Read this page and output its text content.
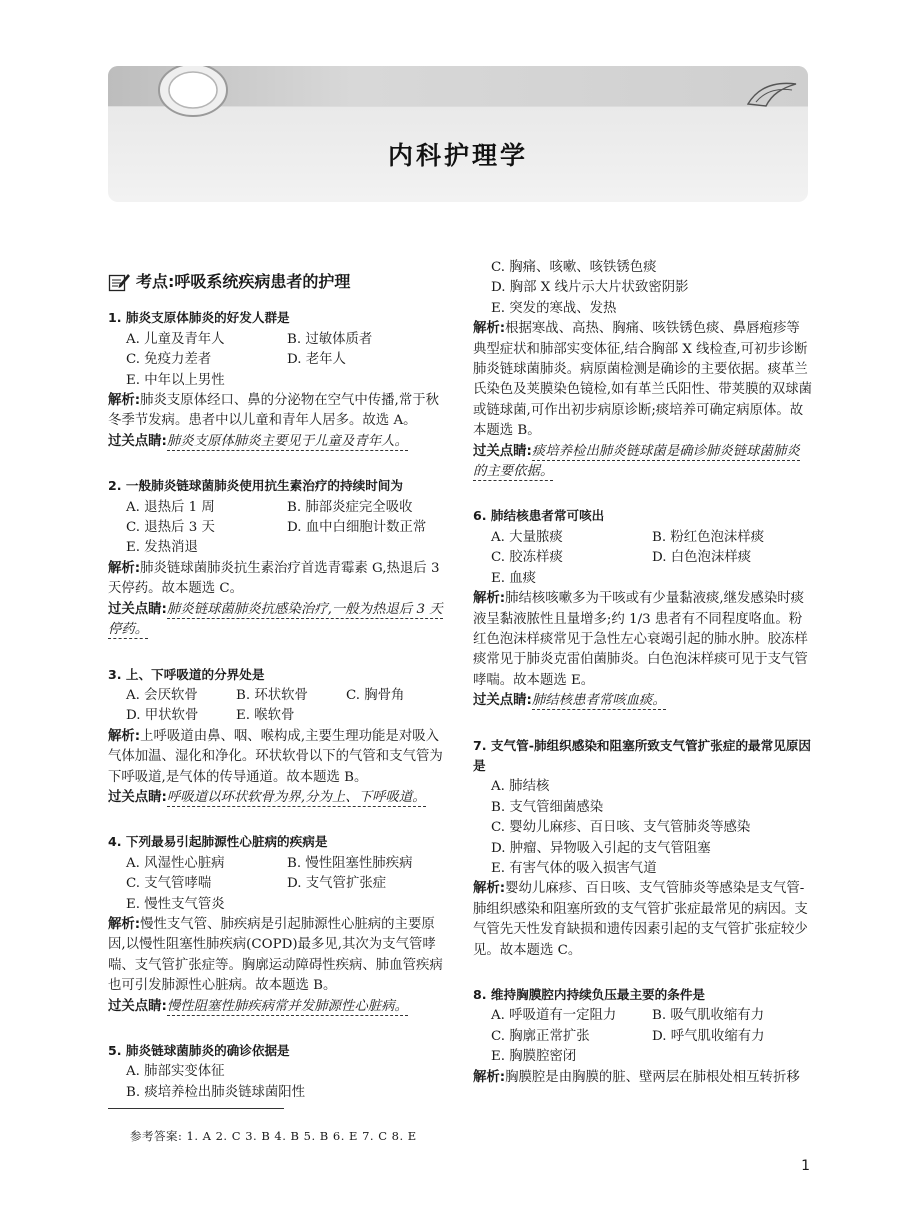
内科护理学
考点:呼吸系统疾病患者的护理
1. 肺炎支原体肺炎的好发人群是
A. 儿童及青年人	B. 过敏体质者
C. 免疫力差者	D. 老年人
E. 中年以上男性
解析:肺炎支原体经口、鼻的分泌物在空气中传播,常于秋冬季节发病。患者中以儿童和青年人居多。故选 A。
过关点睛:肺炎支原体肺炎主要见于儿童及青年人。
2. 一般肺炎链球菌肺炎使用抗生素治疗的持续时间为
A. 退热后 1 周	B. 肺部炎症完全吸收
C. 退热后 3 天	D. 血中白细胞计数正常
E. 发热消退
解析:肺炎链球菌肺炎抗生素治疗首选青霉素 G,热退后 3 天停药。故本题选 C。
过关点睛:肺炎链球菌肺炎抗感染治疗,一般为热退后 3 天停药。
3. 上、下呼吸道的分界处是
A. 会厌软骨	B. 环状软骨	C. 胸骨角
D. 甲状软骨	E. 喉软骨
解析:上呼吸道由鼻、咽、喉构成,主要生理功能是对吸入气体加温、湿化和净化。环状软骨以下的气管和支气管为下呼吸道,是气体的传导通道。故本题选 B。
过关点睛:呼吸道以环状软骨为界,分为上、下呼吸道。
4. 下列最易引起肺源性心脏病的疾病是
A. 风湿性心脏病	B. 慢性阻塞性肺疾病
C. 支气管哮喘	D. 支气管扩张症
E. 慢性支气管炎
解析:慢性支气管、肺疾病是引起肺源性心脏病的主要原因,以慢性阻塞性肺疾病(COPD)最多见,其次为支气管哮喘、支气管扩张症等。胸廓运动障碍性疾病、肺血管疾病也可引发肺源性心脏病。故本题选 B。
过关点睛:慢性阻塞性肺疾病常并发肺源性心脏病。
5. 肺炎链球菌肺炎的确诊依据是
A. 肺部实变体征
B. 痰培养检出肺炎链球菌阳性
C. 胸痛、咳嗽、咳铁锈色痰
D. 胸部 X 线片示大片状致密阴影
E. 突发的寒战、发热
解析:根据寒战、高热、胸痛、咳铁锈色痰、鼻唇疱疹等典型症状和肺部实变体征,结合胸部 X 线检查,可初步诊断肺炎链球菌肺炎。病原菌检测是确诊的主要依据。痰革兰氏染色及荚膜染色镜检,如有革兰氏阳性、带荚膜的双球菌或链球菌,可作出初步病原诊断;痰培养可确定病原体。故本题选 B。
过关点睛:痰培养检出肺炎链球菌是确诊肺炎链球菌肺炎的主要依据。
6. 肺结核患者常可咳出
A. 大量脓痰	B. 粉红色泡沫样痰
C. 胶冻样痰	D. 白色泡沫样痰
E. 血痰
解析:肺结核咳嗽多为干咳或有少量黏液痰,继发感染时痰液呈黏液脓性且量增多;约 1/3 患者有不同程度咯血。粉红色泡沫样痰常见于急性左心衰竭引起的肺水肿。胶冻样痰常见于肺炎克雷伯菌肺炎。白色泡沫样痰可见于支气管哮喘。故本题选 E。
过关点睛:肺结核患者常咳血痰。
7. 支气管-肺组织感染和阻塞所致支气管扩张症的最常见原因是
A. 肺结核
B. 支气管细菌感染
C. 婴幼儿麻疹、百日咳、支气管肺炎等感染
D. 肿瘤、异物吸入引起的支气管阻塞
E. 有害气体的吸入损害气道
解析:婴幼儿麻疹、百日咳、支气管肺炎等感染是支气管-肺组织感染和阻塞所致的支气管扩张症最常见的病因。支气管先天性发育缺损和遗传因素引起的支气管扩张症较少见。故本题选 C。
8. 维持胸膜腔内持续负压最主要的条件是
A. 呼吸道有一定阻力	B. 吸气肌收缩有力
C. 胸廓正常扩张	D. 呼气肌收缩有力
E. 胸膜腔密闭
解析:胸膜腔是由胸膜的脏、壁两层在肺根处相互转折移
参考答案: 1. A 2. C 3. B 4. B 5. B 6. E 7. C 8. E
1
